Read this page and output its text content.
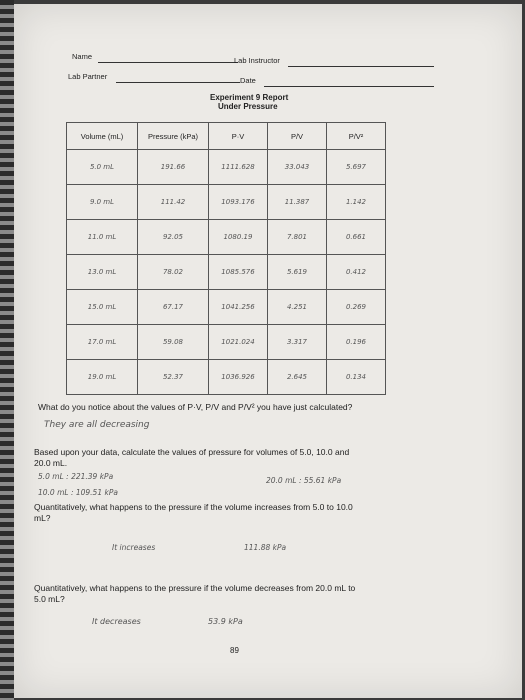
Name	Lab Instructor
Lab Partner	Date
Experiment 9 Report
Under Pressure
Volume (mL)	Pressure (kPa)	P·V	P/V	P/V²
5.0 mL	191.66	1111.628	33.043	5.697
9.0 mL	111.42	1093.176	11.387	1.142
11.0 mL	92.05	1080.19	7.801	0.661
13.0 mL	78.02	1085.576	5.619	0.412
15.0 mL	67.17	1041.256	4.251	0.269
17.0 mL	59.08	1021.024	3.317	0.196
19.0 mL	52.37	1036.926	2.645	0.134
What do you notice about the values of P·V, P/V and P/V² you have just calculated?
They are all decreasing
Based upon your data, calculate the values of pressure for volumes of 5.0, 10.0 and
20.0 mL.
5.0 mL : 221.39 kPa	20.0 mL : 55.61 kPa
10.0 mL : 109.51 kPa
Quantitatively, what happens to the pressure if the volume increases from 5.0 to 10.0
mL?
It increases	111.88 kPa
Quantitatively, what happens to the pressure if the volume decreases from 20.0 mL to
5.0 mL?
It decreases	53.9 kPa
89
